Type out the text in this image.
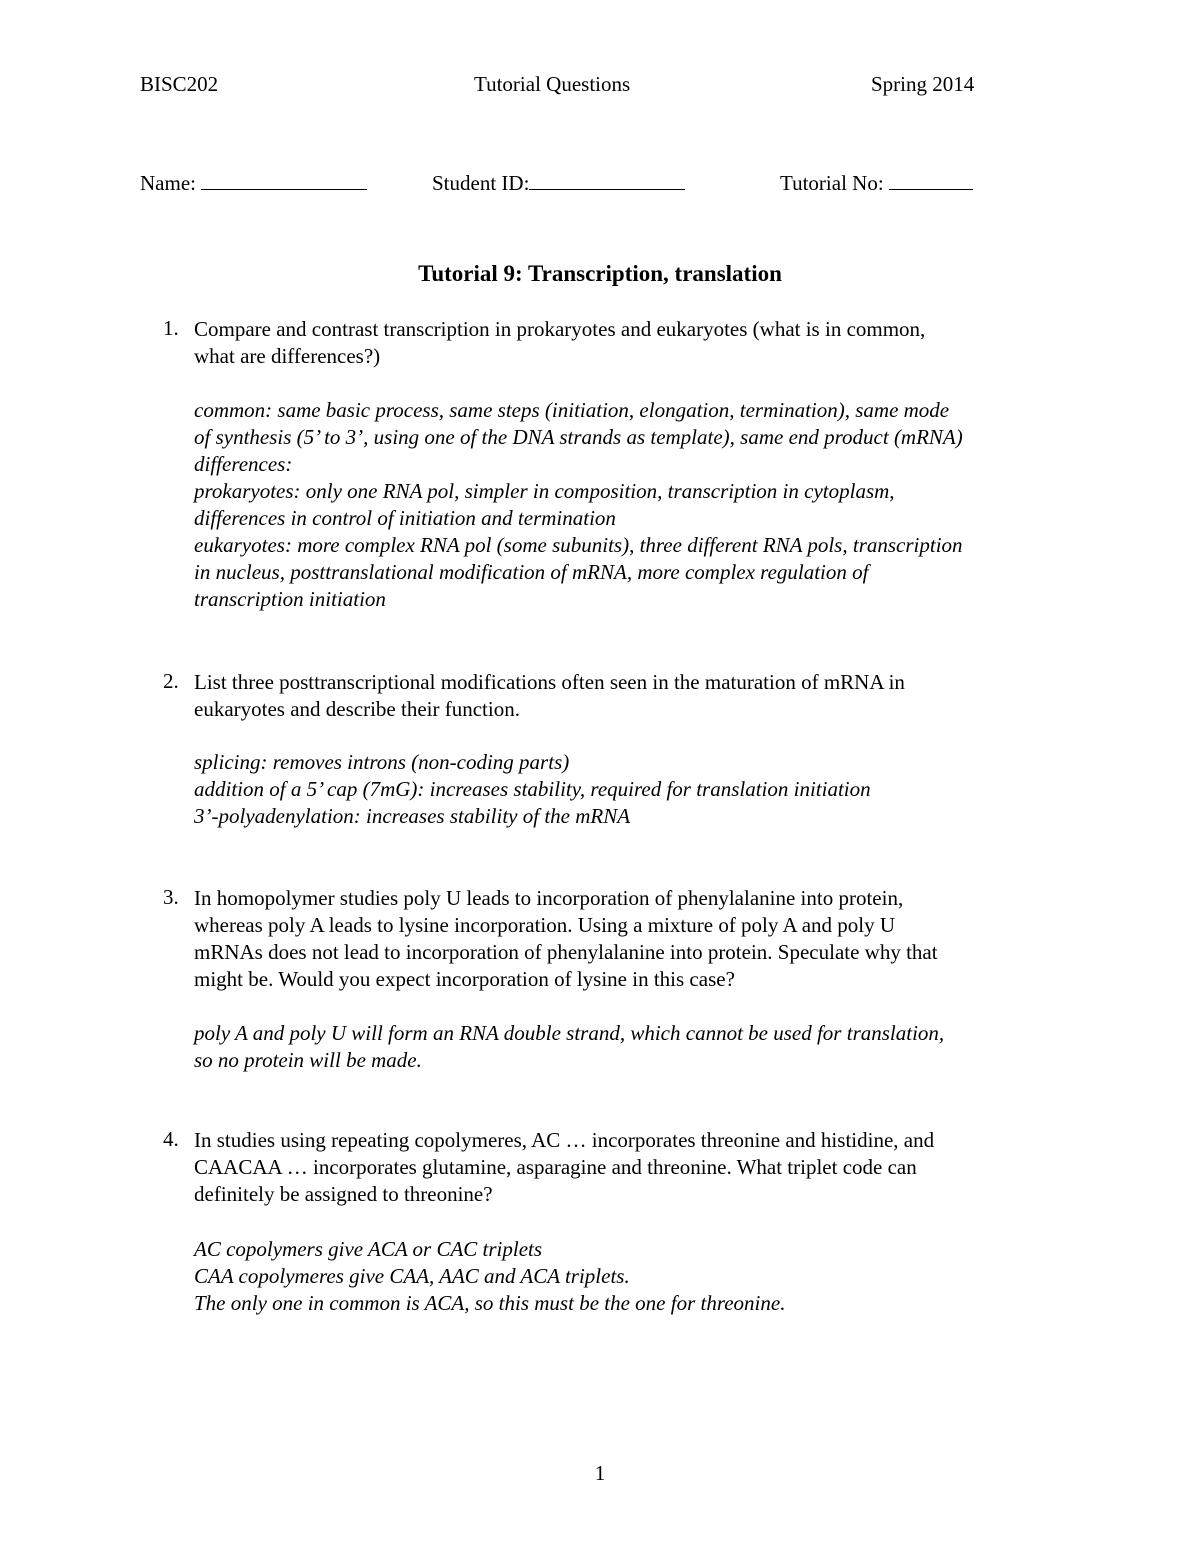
BISC202	Tutorial Questions	Spring 2014
Name:	Student ID:	Tutorial No:
Tutorial 9: Transcription, translation
1. Compare and contrast transcription in prokaryotes and eukaryotes (what is in common,

what are differences?)

common: same basic process, same steps (initiation, elongation, termination), same mode

of synthesis (5’ to 3’, using one of the DNA strands as template), same end product (mRNA)

differences:

prokaryotes: only one RNA pol, simpler in composition, transcription in cytoplasm,

differences in control of initiation and termination

eukaryotes: more complex RNA pol (some subunits), three different RNA pols, transcription

in nucleus, posttranslational modification of mRNA, more complex regulation of

transcription initiation

2. List three posttranscriptional modifications often seen in the maturation of mRNA in

eukaryotes and describe their function.

splicing: removes introns (non-coding parts)

addition of a 5’ cap (7mG): increases stability, required for translation initiation

3’-polyadenylation: increases stability of the mRNA

3. In homopolymer studies poly U leads to incorporation of phenylalanine into protein,

whereas poly A leads to lysine incorporation. Using a mixture of poly A and poly U

mRNAs does not lead to incorporation of phenylalanine into protein. Speculate why that

might be. Would you expect incorporation of lysine in this case?

poly A and poly U will form an RNA double strand, which cannot be used for translation,

so no protein will be made.

4. In studies using repeating copolymeres, AC … incorporates threonine and histidine, and

CAACAA … incorporates glutamine, asparagine and threonine. What triplet code can

definitely be assigned to threonine?

AC copolymers give ACA or CAC triplets

CAA copolymeres give CAA, AAC and ACA triplets.

The only one in common is ACA, so this must be the one for threonine.

1
